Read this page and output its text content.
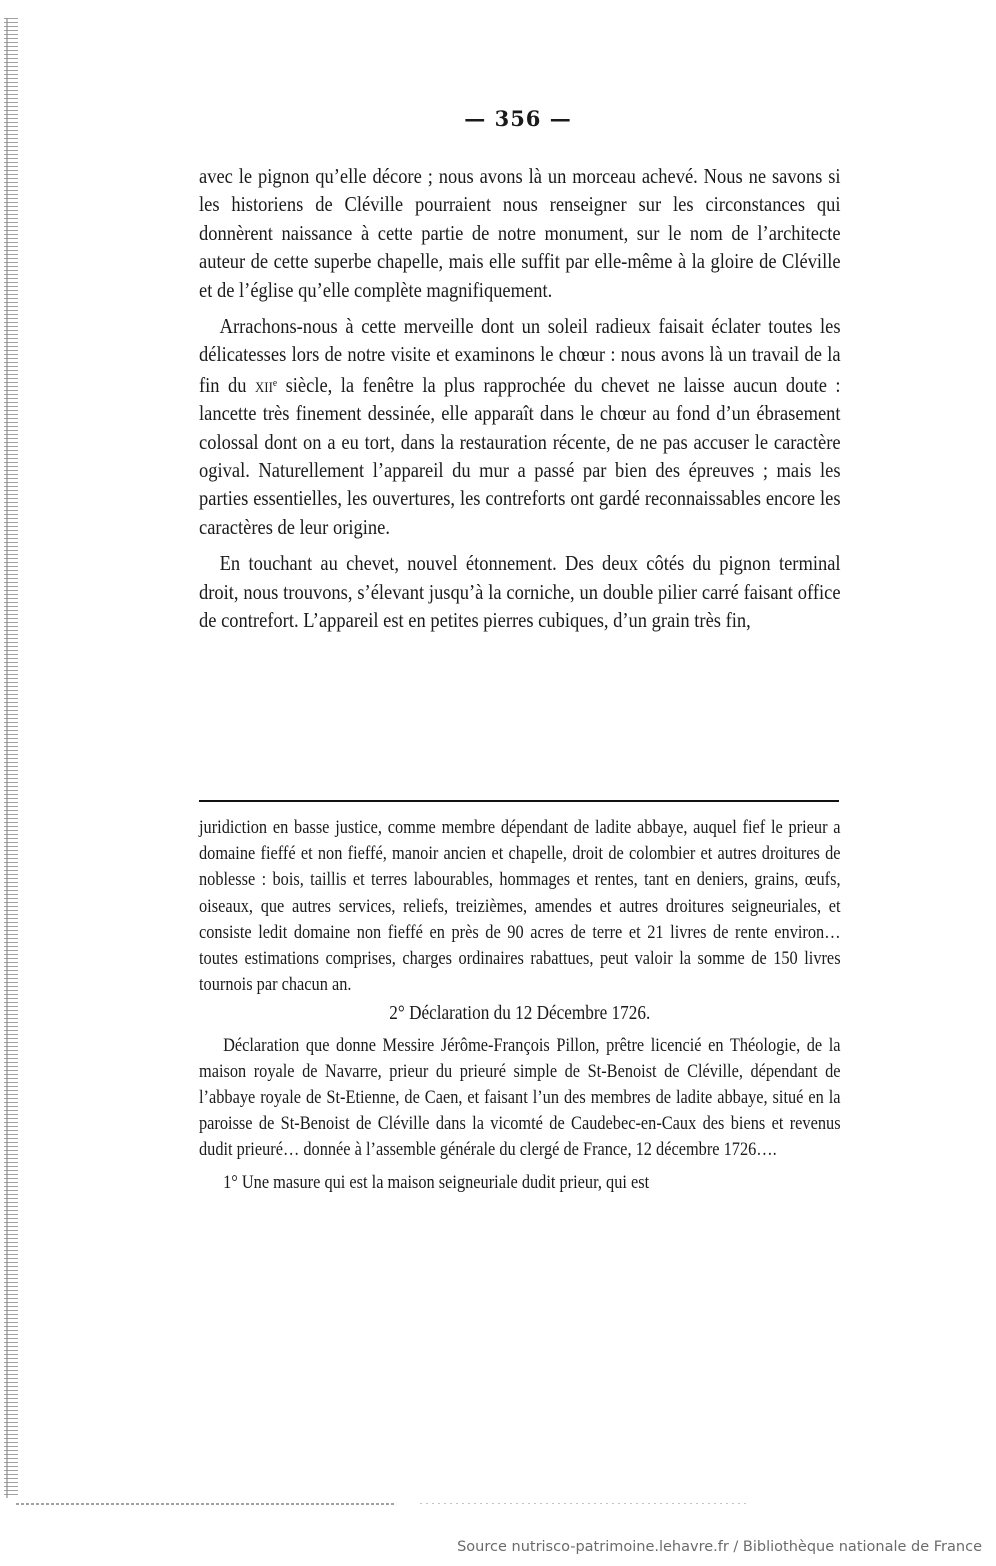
— 356 —

avec le pignon qu’elle décore ; nous avons là un morceau achevé. Nous ne savons si les historiens de Cléville pourraient nous renseigner sur les circonstances qui donnèrent naissance à cette partie de notre monument, sur le nom de l’architecte auteur de cette superbe chapelle, mais elle suffit par elle-même à la gloire de Cléville et de l’église qu’elle complète magnifiquement.

Arrachons-nous à cette merveille dont un soleil radieux faisait éclater toutes les délicatesses lors de notre visite et examinons le chœur : nous avons là un travail de la fin du xii$^e$ siècle, la fenêtre la plus rapprochée du chevet ne laisse aucun doute : lancette très finement dessinée, elle apparaît dans le chœur au fond d’un ébrasement colossal dont on a eu tort, dans la restauration récente, de ne pas accuser le caractère ogival. Naturellement l’appareil du mur a passé par bien des épreuves ; mais les parties essentielles, les ouvertures, les contreforts ont gardé reconnaissables encore les caractères de leur origine.

En touchant au chevet, nouvel étonnement. Des deux côtés du pignon terminal droit, nous trouvons, s’élevant jusqu’à la corniche, un double pilier carré faisant office de contrefort. L’appareil est en petites pierres cubiques, d’un grain très fin,

juridiction en basse justice, comme membre dépendant de ladite abbaye, auquel fief le prieur a domaine fieffé et non fieffé, manoir ancien et chapelle, droit de colombier et autres droitures de noblesse : bois, taillis et terres labourables, hommages et rentes, tant en deniers, grains, œufs, oiseaux, que autres services, reliefs, treizièmes, amendes et autres droitures seigneuriales, et consiste ledit domaine non fieffé en près de 90 acres de terre et 21 livres de rente environ… toutes estimations comprises, charges ordinaires rabattues, peut valoir la somme de 150 livres tournois par chacun an.

2° Déclaration du 12 Décembre 1726.

Déclaration que donne Messire Jérôme-François Pillon, prêtre licencié en Théologie, de la maison royale de Navarre, prieur du prieuré simple de St-Benoist de Cléville, dépendant de l’abbaye royale de St-Etienne, de Caen, et faisant l’un des membres de ladite abbaye, situé en la paroisse de St-Benoist de Cléville dans la vicomté de Caudebec-en-Caux des biens et revenus dudit prieuré… donnée à l’assemble générale du clergé de France, 12 décembre 1726….

1° Une masure qui est la maison seigneuriale dudit prieur, qui est

Source nutrisco-patrimoine.lehavre.fr / Bibliothèque nationale de France
